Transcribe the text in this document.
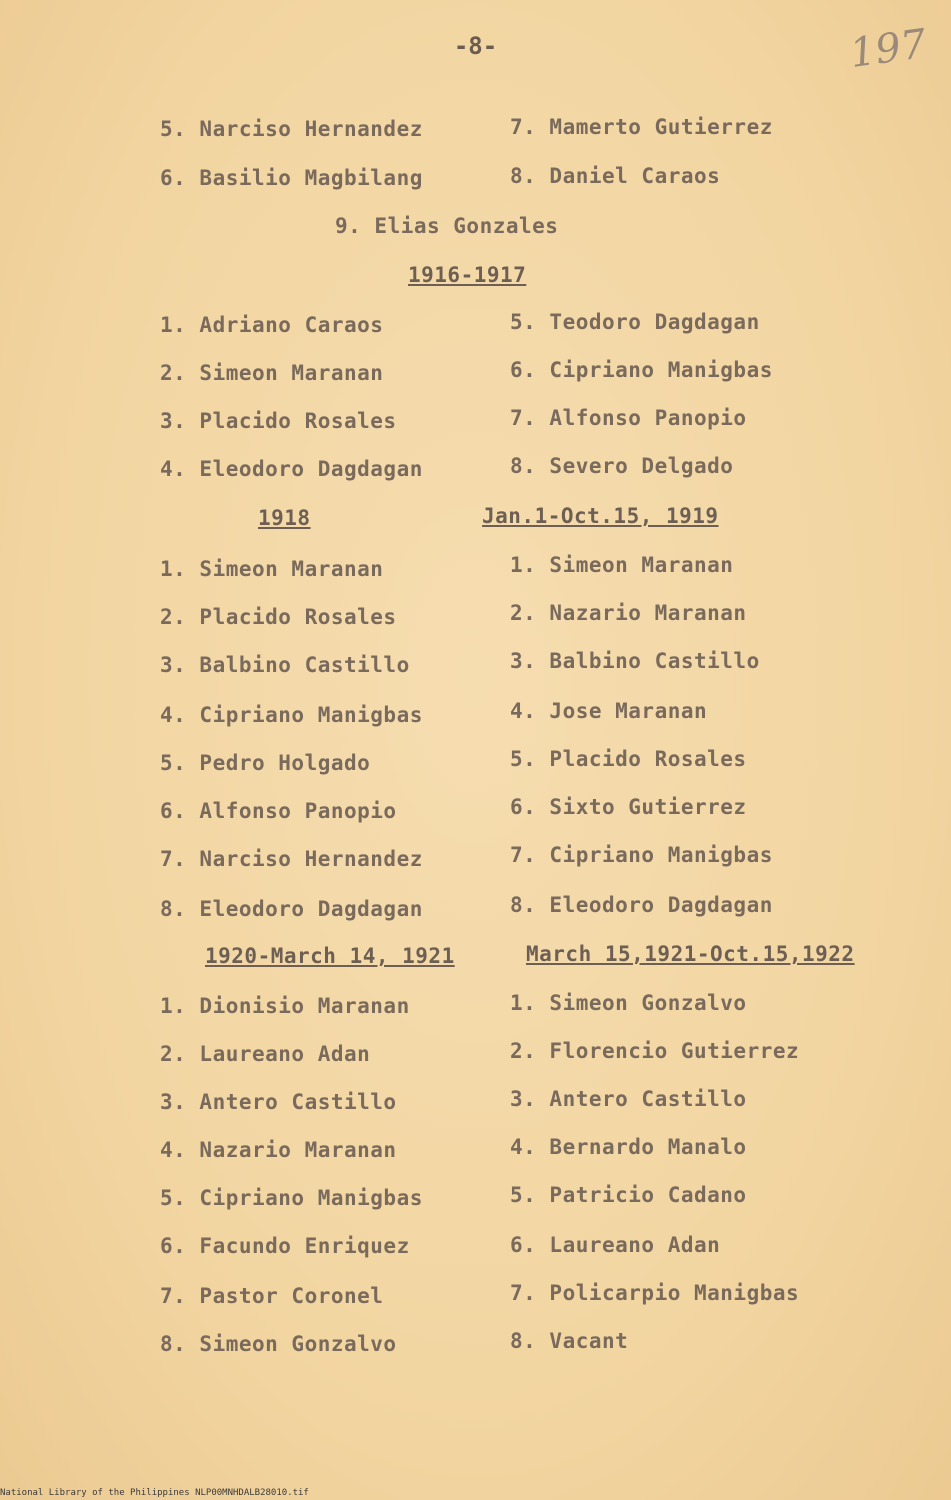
-8-	197
5. Narciso Hernandez
6. Basilio Magbilang
7. Mamerto Gutierrez
8. Daniel Caraos
9. Elias Gonzales
1916-1917
1. Adriano Caraos
2. Simeon Maranan
3. Placido Rosales
4. Eleodoro Dagdagan
5. Teodoro Dagdagan
6. Cipriano Manigbas
7. Alfonso Panopio
8. Severo Delgado
1918
1. Simeon Maranan
2. Placido Rosales
3. Balbino Castillo
4. Cipriano Manigbas
5. Pedro Holgado
6. Alfonso Panopio
7. Narciso Hernandez
8. Eleodoro Dagdagan
Jan.1-Oct.15, 1919
1. Simeon Maranan
2. Nazario Maranan
3. Balbino Castillo
4. Jose Maranan
5. Placido Rosales
6. Sixto Gutierrez
7. Cipriano Manigbas
8. Eleodoro Dagdagan
1920-March 14, 1921
1. Dionisio Maranan
2. Laureano Adan
3. Antero Castillo
4. Nazario Maranan
5. Cipriano Manigbas
6. Facundo Enriquez
7. Pastor Coronel
8. Simeon Gonzalvo
March 15,1921-Oct.15,1922
1. Simeon Gonzalvo
2. Florencio Gutierrez
3. Antero Castillo
4. Bernardo Manalo
5. Patricio Cadano
6. Laureano Adan
7. Policarpio Manigbas
8. Vacant
National Library of the Philippines NLP00MNHDALB28010.tif
